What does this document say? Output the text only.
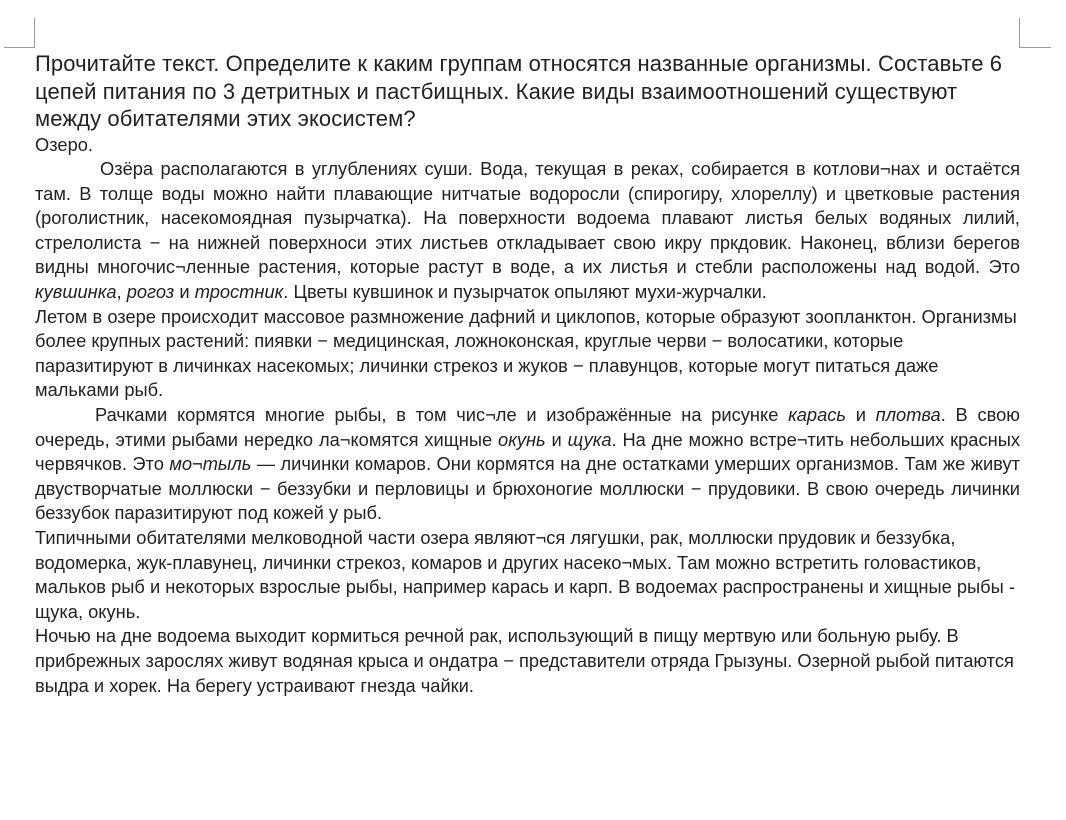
Прочитайте текст. Определите к каким группам относятся названные организмы. Составьте 6 цепей питания по 3 детритных и пастбищных. Какие виды взаимоотношений существуют между обитателями этих экосистем?

Озеро.

Озёра располагаются в углублениях суши. Вода, текущая в реках, собирается в котлови¬нах и остаётся там. В толще воды можно найти плавающие нитчатые водоросли (спирогиру, хлореллу) и цветковые растения (роголистник, насекомоядная пузырчатка). На поверхности водоема плавают листья белых водяных лилий, стрелолиста − на нижней поверхноси этих листьев откладывает свою икру пркдовик. Наконец, вблизи берегов видны многочис¬ленные растения, которые растут в воде, а их листья и стебли расположены над водой. Это кувшинка, рогоз и тростник. Цветы кувшинок и пузырчаток опыляют мухи-журчалки.

Летом в озере происходит массовое размножение дафний и циклопов, которые образуют зоопланктон. Организмы более крупных растений: пиявки − медицинская, ложноконская, круглые черви − волосатики, которые паразитируют в личинках насекомых; личинки стрекоз и жуков − плавунцов, которые могут питаться даже мальками рыб.

Рачками кормятся многие рыбы, в том чис¬ле и изображённые на рисунке карась и плотва. В свою очередь, этими рыбами нередко ла¬комятся хищные окунь и щука. На дне можно встре¬тить небольших красных червячков. Это мо¬тыль — личинки комаров. Они кормятся на дне остатками умерших организмов. Там же живут двустворчатые моллюски − беззубки и перловицы и брюхоногие моллюски − прудовики. В свою очередь личинки беззубок паразитируют под кожей у рыб.

Типичными обитателями мелководной части озера являют¬ся лягушки, рак, моллюски прудовик и беззубка, водомерка, жук-плавунец, личинки стрекоз, комаров и других насеко¬мых. Там можно встретить головастиков, мальков рыб и некоторых взрослые рыбы, например карась и карп. В водоемах распространены и хищные рыбы - щука, окунь.

Ночью на дне водоема выходит кормиться речной рак, использующий в пищу мертвую или больную рыбу. В прибрежных зарослях живут водяная крыса и ондатра − представители отряда Грызуны. Озерной рыбой питаются выдра и хорек. На берегу устраивают гнезда чайки.
